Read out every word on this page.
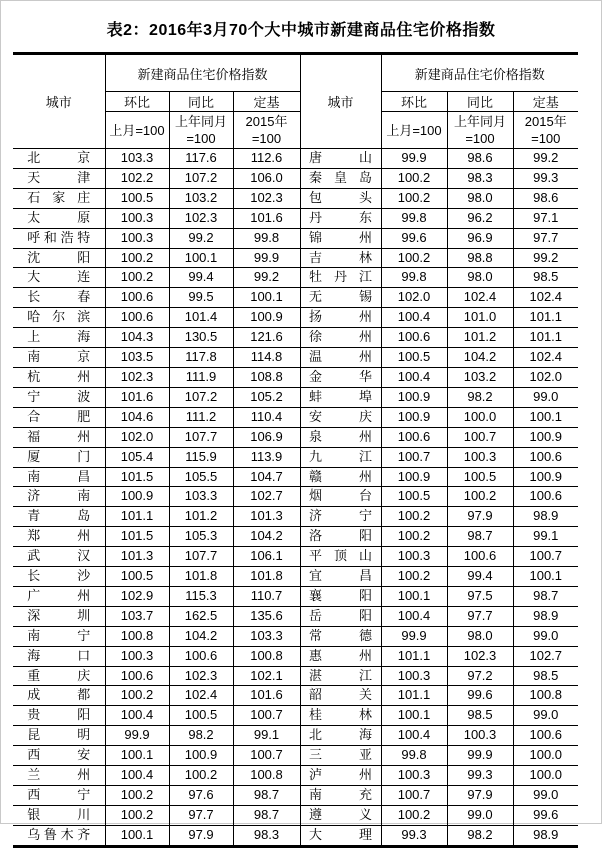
表2：2016年3月70个大中城市新建商品住宅价格指数
城市	新建商品住宅价格指数			城市	新建商品住宅价格指数		
	环比	同比	定基		环比	同比	定基
	上月=100	上年同月=100	2015年=100		上月=100	上年同月=100	2015年=100
北京	103.3	117.6	112.6	唐山	99.9	98.6	99.2
天津	102.2	107.2	106.0	秦皇岛	100.2	98.3	99.3
石家庄	100.5	103.2	102.3	包头	100.2	98.0	98.6
太原	100.3	102.3	101.6	丹东	99.8	96.2	97.1
呼和浩特	100.3	99.2	99.8	锦州	99.6	96.9	97.7
沈阳	100.2	100.1	99.9	吉林	100.2	98.8	99.2
大连	100.2	99.4	99.2	牡丹江	99.8	98.0	98.5
长春	100.6	99.5	100.1	无锡	102.0	102.4	102.4
哈尔滨	100.6	101.4	100.9	扬州	100.4	101.0	101.1
上海	104.3	130.5	121.6	徐州	100.6	101.2	101.1
南京	103.5	117.8	114.8	温州	100.5	104.2	102.4
杭州	102.3	111.9	108.8	金华	100.4	103.2	102.0
宁波	101.6	107.2	105.2	蚌埠	100.9	98.2	99.0
合肥	104.6	111.2	110.4	安庆	100.9	100.0	100.1
福州	102.0	107.7	106.9	泉州	100.6	100.7	100.9
厦门	105.4	115.9	113.9	九江	100.7	100.3	100.6
南昌	101.5	105.5	104.7	赣州	100.9	100.5	100.9
济南	100.9	103.3	102.7	烟台	100.5	100.2	100.6
青岛	101.1	101.2	101.3	济宁	100.2	97.9	98.9
郑州	101.5	105.3	104.2	洛阳	100.2	98.7	99.1
武汉	101.3	107.7	106.1	平顶山	100.3	100.6	100.7
长沙	100.5	101.8	101.8	宜昌	100.2	99.4	100.1
广州	102.9	115.3	110.7	襄阳	100.1	97.5	98.7
深圳	103.7	162.5	135.6	岳阳	100.4	97.7	98.9
南宁	100.8	104.2	103.3	常德	99.9	98.0	99.0
海口	100.3	100.6	100.8	惠州	101.1	102.3	102.7
重庆	100.6	102.3	102.1	湛江	100.3	97.2	98.5
成都	100.2	102.4	101.6	韶关	101.1	99.6	100.8
贵阳	100.4	100.5	100.7	桂林	100.1	98.5	99.0
昆明	99.9	98.2	99.1	北海	100.4	100.3	100.6
西安	100.1	100.9	100.7	三亚	99.8	99.9	100.0
兰州	100.4	100.2	100.8	泸州	100.3	99.3	100.0
西宁	100.2	97.6	98.7	南充	100.7	97.9	99.0
银川	100.2	97.7	98.7	遵义	100.2	99.0	99.6
乌鲁木齐	100.1	97.9	98.3	大理	99.3	98.2	98.9
